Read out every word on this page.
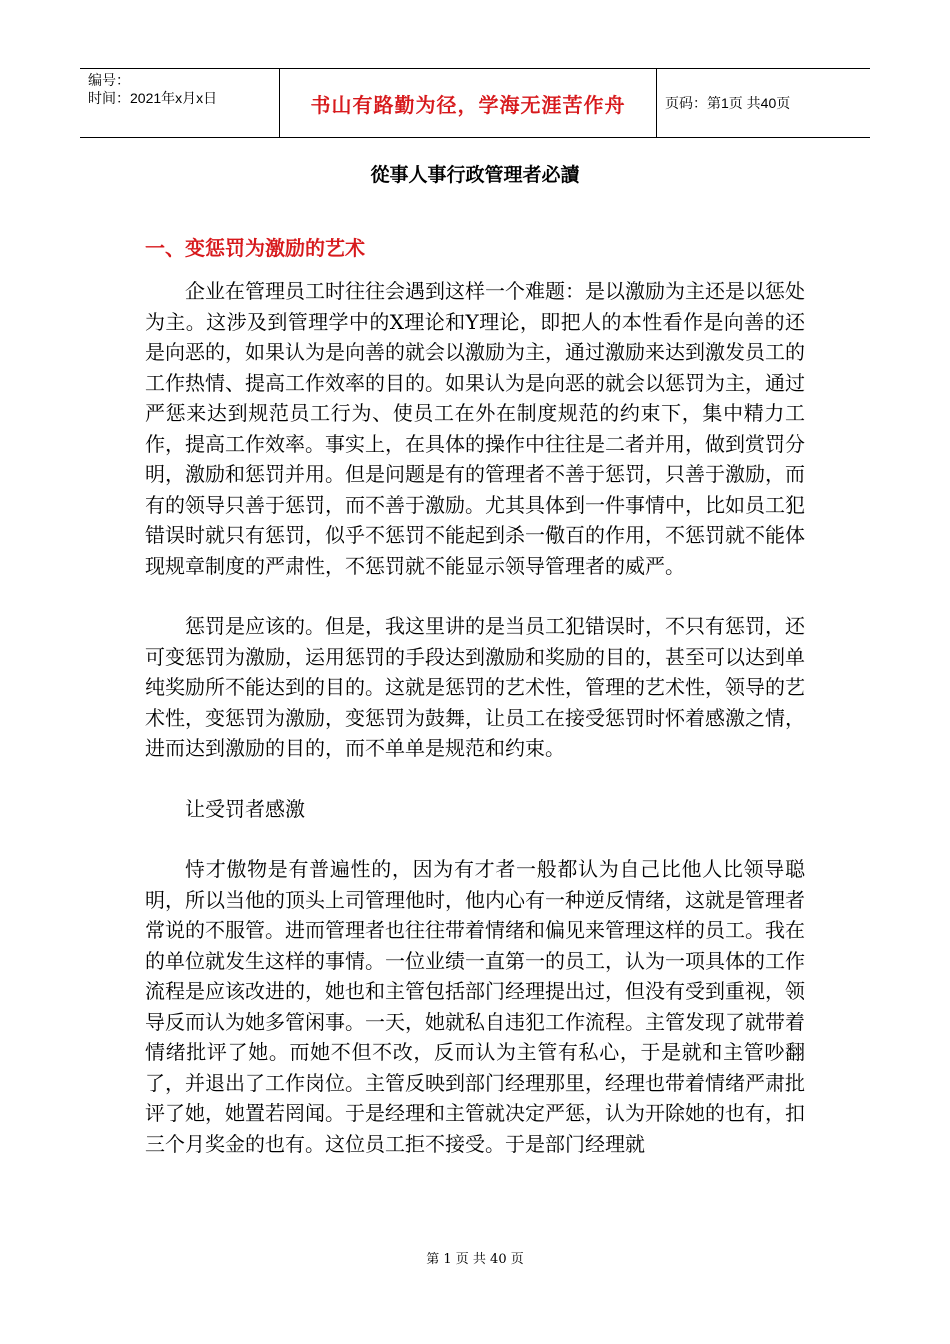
编号：
时间：2021年x月x日	书山有路勤为径，学海无涯苦作舟	页码：第1页 共40页
從事人事行政管理者必讀
一、变惩罚为激励的艺术

企业在管理员工时往往会遇到这样一个难题：是以激励为主还是以惩处为主。这涉及到管理学中的X理论和Y理论，即把人的本性看作是向善的还是向恶的，如果认为是向善的就会以激励为主，通过激励来达到激发员工的工作热情、提高工作效率的目的。如果认为是向恶的就会以惩罚为主，通过严惩来达到规范员工行为、使员工在外在制度规范的约束下，集中精力工作，提高工作效率。事实上，在具体的操作中往往是二者并用，做到赏罚分明，激励和惩罚并用。但是问题是有的管理者不善于惩罚，只善于激励，而有的领导只善于惩罚，而不善于激励。尤其具体到一件事情中，比如员工犯错误时就只有惩罚，似乎不惩罚不能起到杀一儆百的作用，不惩罚就不能体现规章制度的严肃性，不惩罚就不能显示领导管理者的威严。

惩罚是应该的。但是，我这里讲的是当员工犯错误时，不只有惩罚，还可变惩罚为激励，运用惩罚的手段达到激励和奖励的目的，甚至可以达到单纯奖励所不能达到的目的。这就是惩罚的艺术性，管理的艺术性，领导的艺术性，变惩罚为激励，变惩罚为鼓舞，让员工在接受惩罚时怀着感激之情，进而达到激励的目的，而不单单是规范和约束。

让受罚者感激

恃才傲物是有普遍性的，因为有才者一般都认为自己比他人比领导聪明，所以当他的顶头上司管理他时，他内心有一种逆反情绪，这就是管理者常说的不服管。进而管理者也往往带着情绪和偏见来管理这样的员工。我在的单位就发生这样的事情。一位业绩一直第一的员工，认为一项具体的工作流程是应该改进的，她也和主管包括部门经理提出过，但没有受到重视，领导反而认为她多管闲事。一天，她就私自违犯工作流程。主管发现了就带着情绪批评了她。而她不但不改，反而认为主管有私心，于是就和主管吵翻了，并退出了工作岗位。主管反映到部门经理那里，经理也带着情绪严肃批评了她，她置若罔闻。于是经理和主管就决定严惩，认为开除她的也有，扣三个月奖金的也有。这位员工拒不接受。于是部门经理就

第 1 页 共 40 页
